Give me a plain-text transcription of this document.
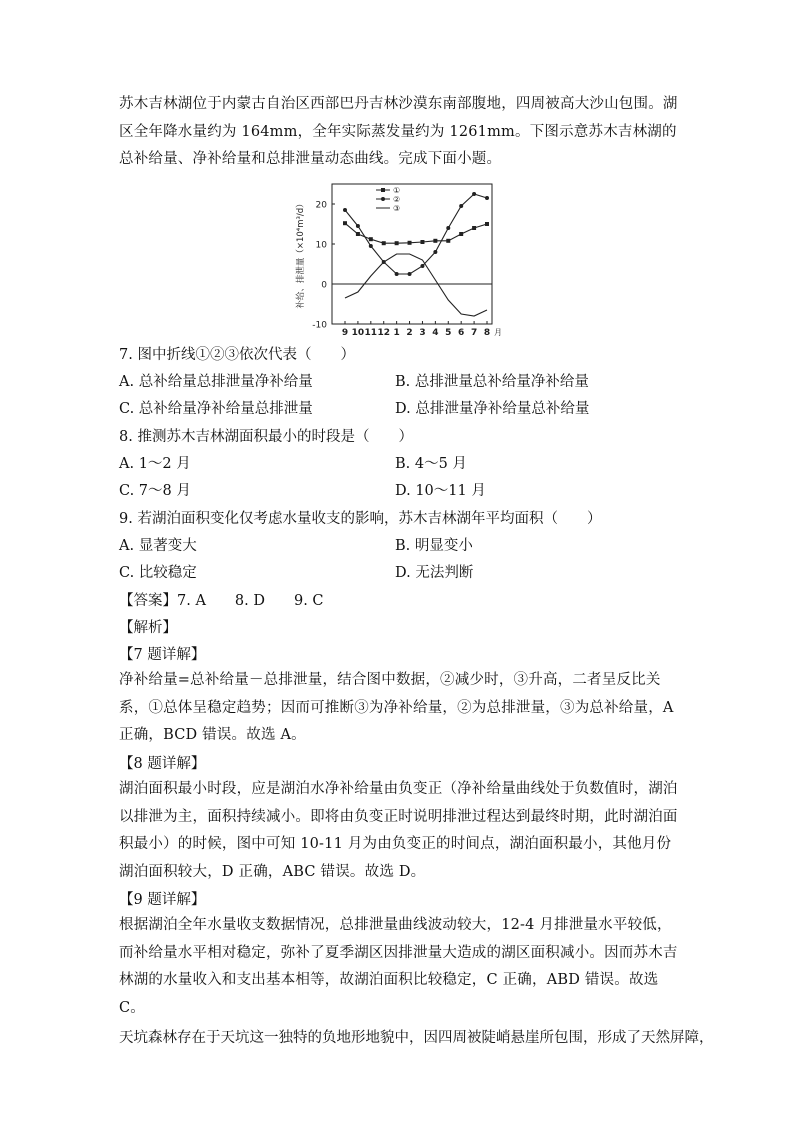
苏木吉林湖位于内蒙古自治区西部巴丹吉林沙漠东南部腹地，四周被高大沙山包围。湖区全年降水量约为 164mm，全年实际蒸发量约为 1261mm。下图示意苏木吉林湖的总补给量、净补给量和总排泄量动态曲线。完成下面小题。
20
10
0
-10
9 10 11 12 1 2 3 4 5 6 7 8 月
补给、排泄量（×10⁴m³/d）
①
②
③
7. 图中折线①②③依次代表（　　）
A. 总补给量总排泄量净补给量	B. 总排泄量总补给量净补给量
C. 总补给量净补给量总排泄量	D. 总排泄量净补给量总补给量
8. 推测苏木吉林湖面积最小的时段是（　　）
A. 1～2 月	B. 4～5 月
C. 7～8 月	D. 10～11 月
9. 若湖泊面积变化仅考虑水量收支的影响，苏木吉林湖年平均面积（　　）
A. 显著变大	B. 明显变小
C. 比较稳定	D. 无法判断
【答案】7. A　　8. D　　9. C
【解析】
【7 题详解】
净补给量=总补给量－总排泄量，结合图中数据，②减少时，③升高，二者呈反比关系，①总体呈稳定趋势；因而可推断③为净补给量，②为总排泄量，③为总补给量，A 正确，BCD 错误。故选 A。
【8 题详解】
湖泊面积最小时段，应是湖泊水净补给量由负变正（净补给量曲线处于负数值时，湖泊以排泄为主，面积持续减小。即将由负变正时说明排泄过程达到最终时期，此时湖泊面积最小）的时候，图中可知 10-11 月为由负变正的时间点，湖泊面积最小，其他月份湖泊面积较大，D 正确，ABC 错误。故选 D。
【9 题详解】
根据湖泊全年水量收支数据情况，总排泄量曲线波动较大，12-4 月排泄量水平较低，而补给量水平相对稳定，弥补了夏季湖区因排泄量大造成的湖区面积减小。因而苏木吉林湖的水量收入和支出基本相等，故湖泊面积比较稳定，C 正确，ABD 错误。故选 C。
天坑森林存在于天坑这一独特的负地形地貌中，因四周被陡峭悬崖所包围，形成了天然屏障，
